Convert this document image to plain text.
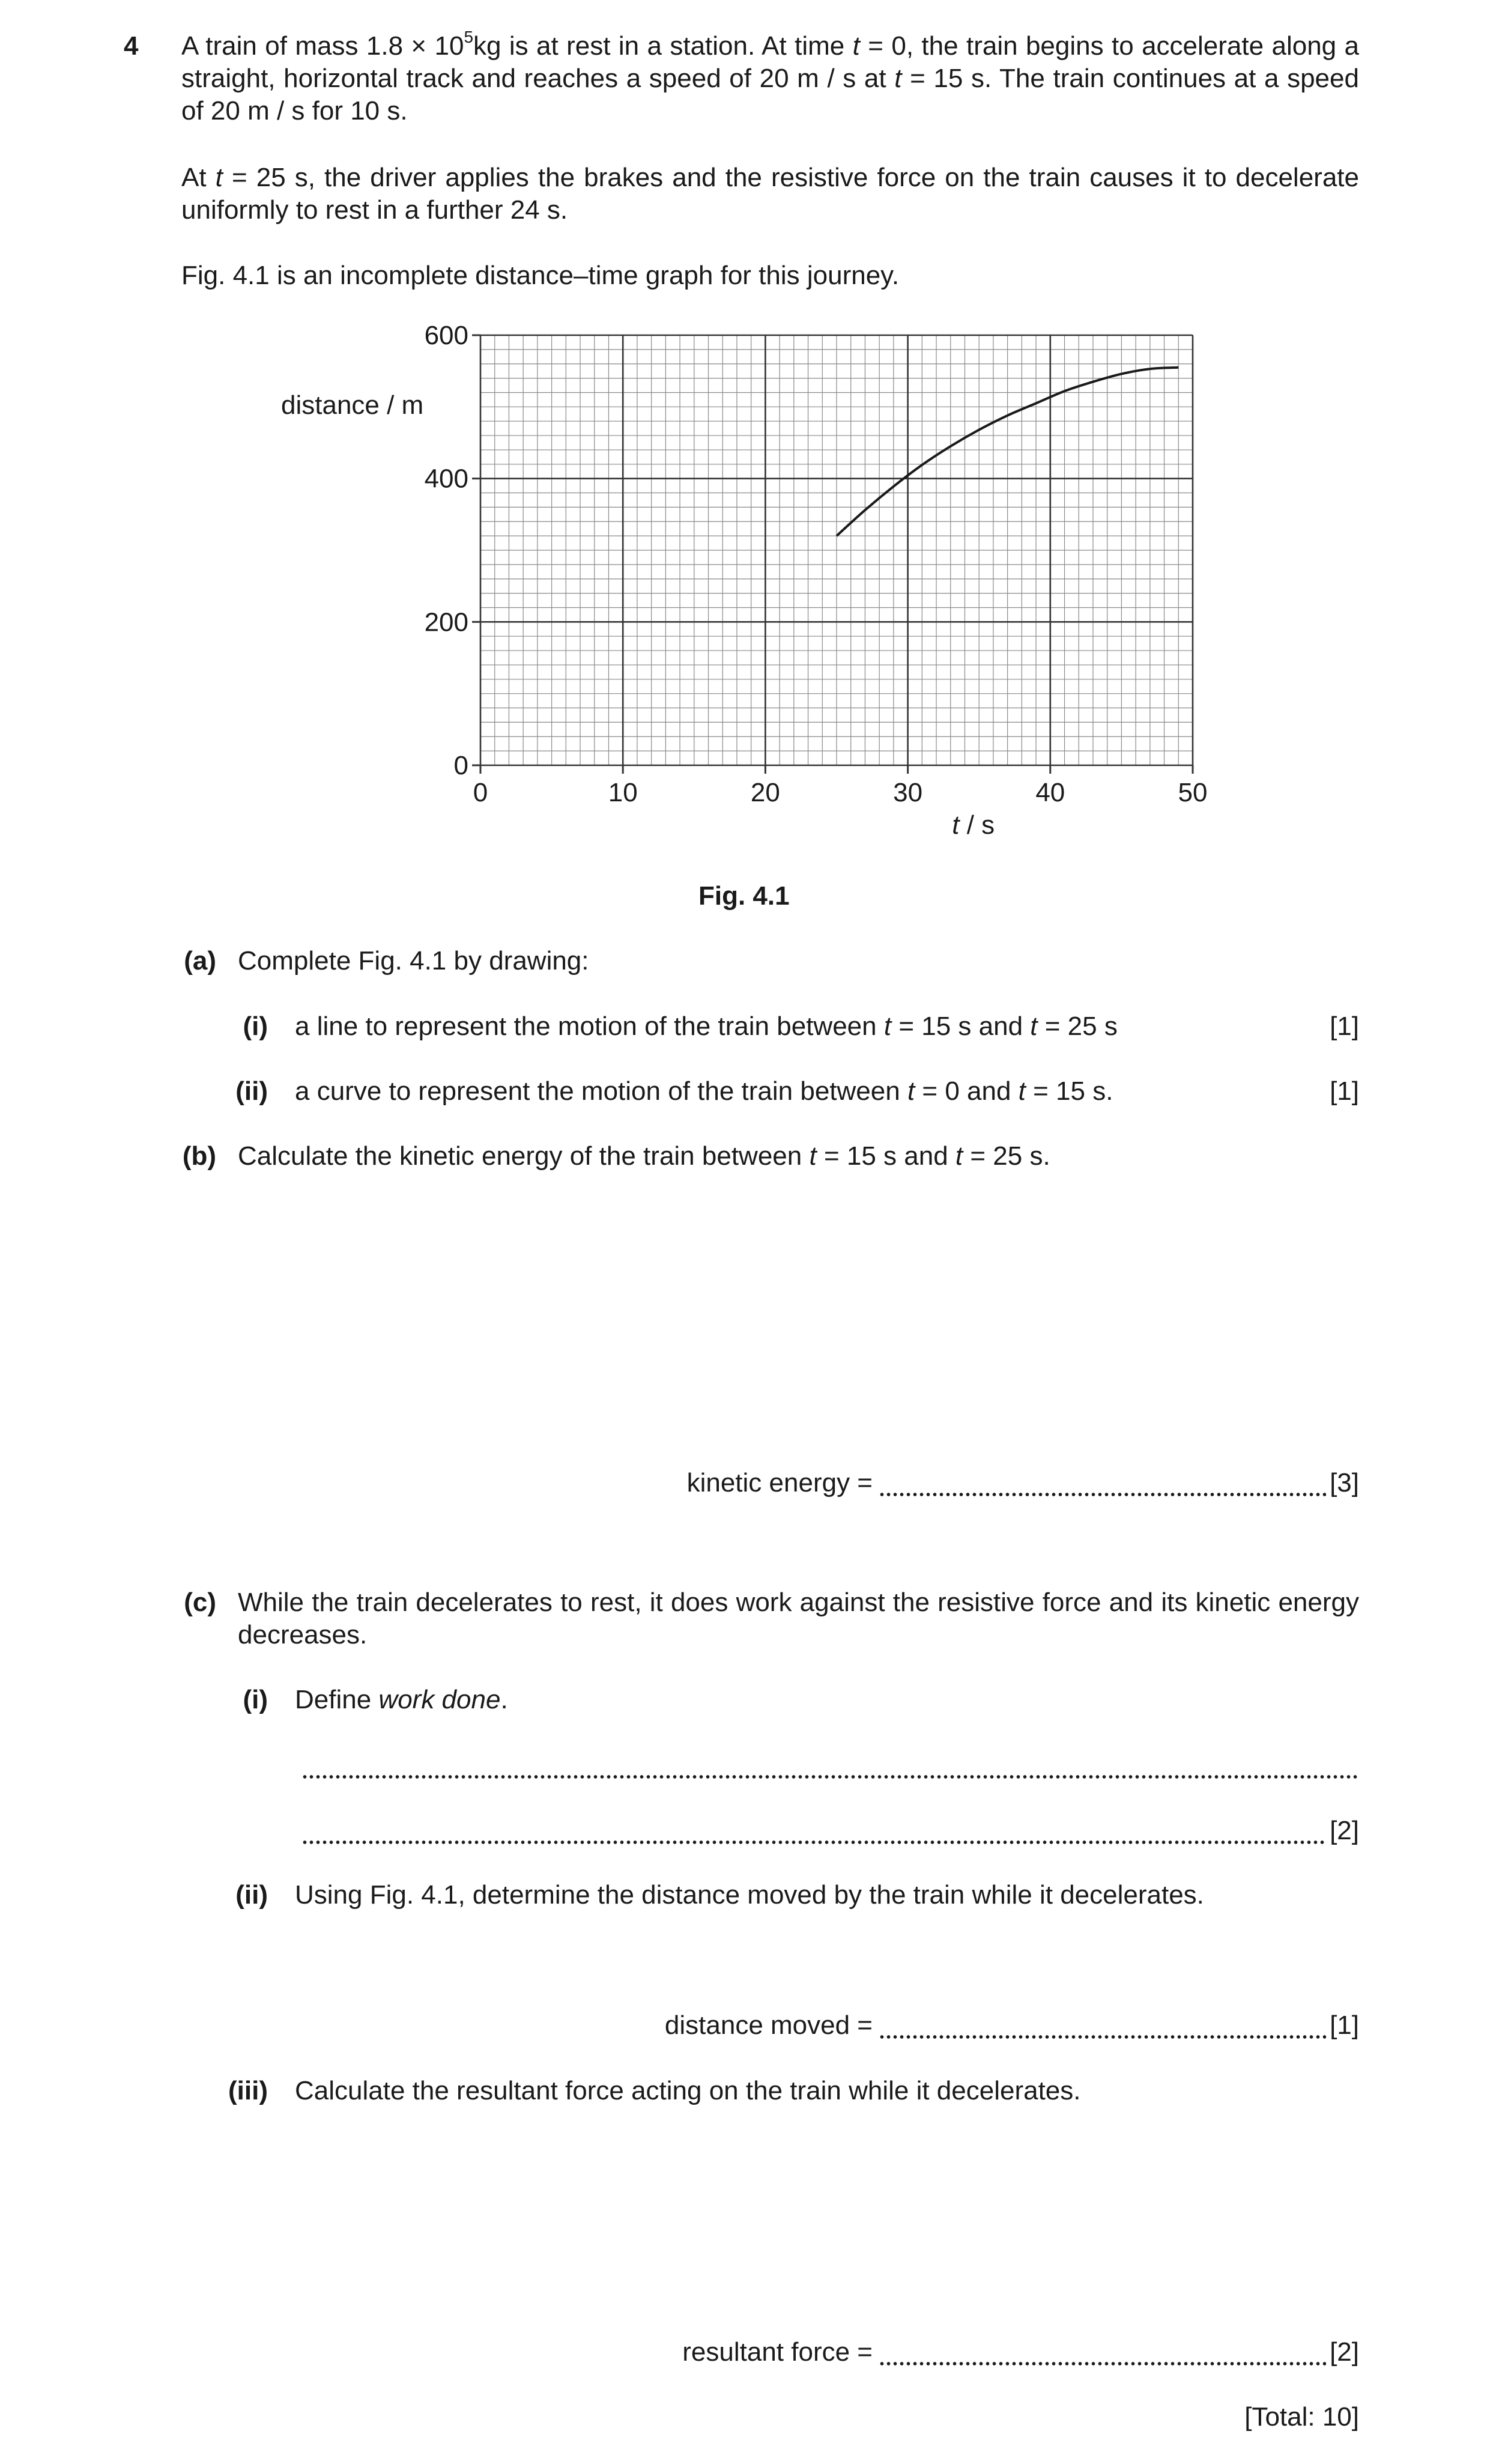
4 A train of mass $1.8 \times 10^5kg$ is at rest in a station. At time t = 0, the train begins to accelerate along a straight, horizontal track and reaches a speed of 20 m / s at t = 15 s. The train continues at a speed of 20 m / s for 10 s.
At t = 25 s, the driver applies the brakes and the resistive force on the train causes it to decelerate uniformly to rest in a further 24 s.
Fig. 4.1 is an incomplete distance–time graph for this journey.
distance / m
0
200
400
600
0	10	20	30	40	50
t / s
Fig. 4.1
(a) Complete Fig. 4.1 by drawing:
(i) a line to represent the motion of the train between t = 15 s and t = 25 s	[1]
(ii) a curve to represent the motion of the train between t = 0 and t = 15 s.	[1]
(b) Calculate the kinetic energy of the train between t = 15 s and t = 25 s.
kinetic energy =	[3]
(c) While the train decelerates to rest, it does work against the resistive force and its kinetic energy decreases.
(i) Define work done.
[2]
(ii) Using Fig. 4.1, determine the distance moved by the train while it decelerates.
distance moved =	[1]
(iii) Calculate the resultant force acting on the train while it decelerates.
resultant force =	[2]
[Total: 10]
